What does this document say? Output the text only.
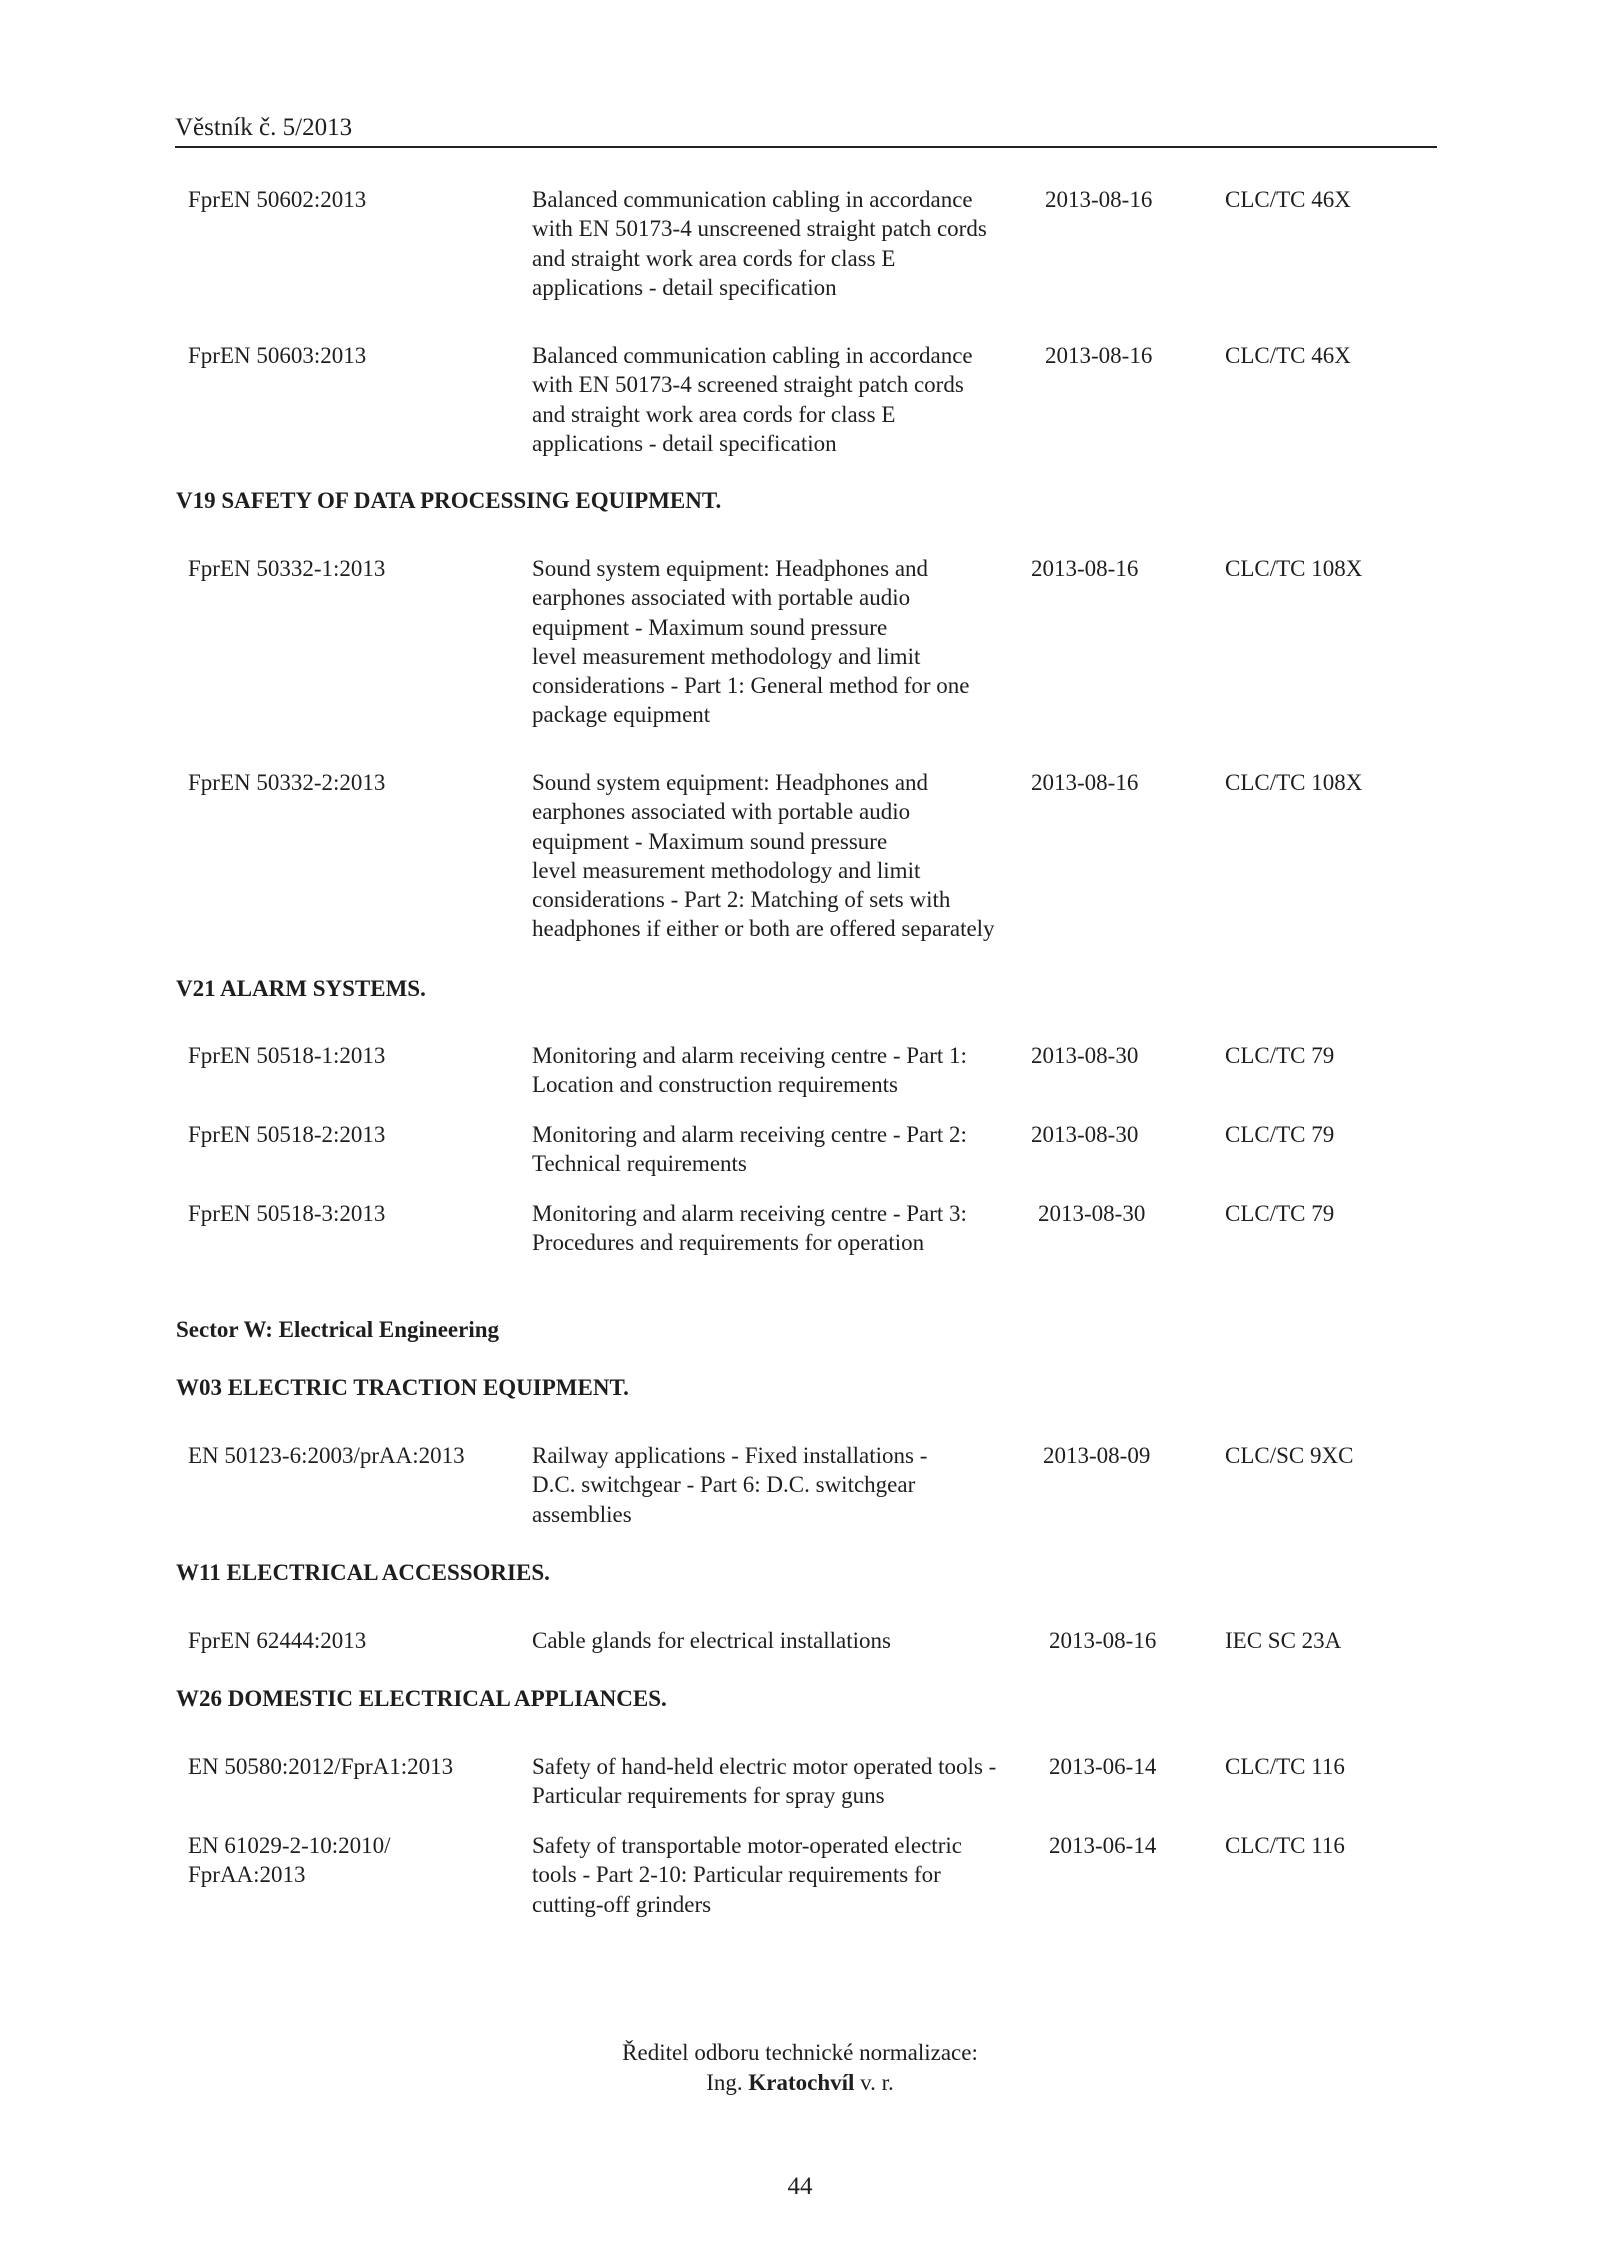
Věstník č. 5/2013
FprEN 50602:2013	Balanced communication cabling in accordance
with EN 50173-4 unscreened straight patch cords
and straight work area cords for class E
applications - detail specification
2013-08-16	CLC/TC 46X
FprEN 50603:2013	Balanced communication cabling in accordance
with EN 50173-4 screened straight patch cords
and straight work area cords for class E
applications - detail specification
2013-08-16	CLC/TC 46X
V19 SAFETY OF DATA PROCESSING EQUIPMENT.
FprEN 50332-1:2013	Sound system equipment: Headphones and
earphones associated with portable audio
equipment - Maximum sound pressure
level measurement methodology and limit
considerations - Part 1: General method for one
package equipment
2013-08-16	CLC/TC 108X
FprEN 50332-2:2013	Sound system equipment: Headphones and
earphones associated with portable audio
equipment - Maximum sound pressure
level measurement methodology and limit
considerations - Part 2: Matching of sets with
headphones if either or both are offered separately
2013-08-16	CLC/TC 108X
V21 ALARM SYSTEMS.
FprEN 50518-1:2013	Monitoring and alarm receiving centre - Part 1:
Location and construction requirements
2013-08-30	CLC/TC 79
FprEN 50518-2:2013	Monitoring and alarm receiving centre - Part 2:
Technical requirements
2013-08-30	CLC/TC 79
FprEN 50518-3:2013	Monitoring and alarm receiving centre - Part 3:
Procedures and requirements for operation
2013-08-30	CLC/TC 79
Sector W: Electrical Engineering
W03 ELECTRIC TRACTION EQUIPMENT.
EN 50123-6:2003/prAA:2013	Railway applications - Fixed installations -
D.C. switchgear - Part 6: D.C. switchgear
assemblies
2013-08-09	CLC/SC 9XC
W11 ELECTRICAL ACCESSORIES.
FprEN 62444:2013	Cable glands for electrical installations	2013-08-16	IEC SC 23A
W26 DOMESTIC ELECTRICAL APPLIANCES.
EN 50580:2012/FprA1:2013	Safety of hand-held electric motor operated tools -
Particular requirements for spray guns
2013-06-14	CLC/TC 116
EN 61029-2-10:2010/
FprAA:2013
Safety of transportable motor-operated electric
tools - Part 2-10: Particular requirements for
cutting-off grinders
2013-06-14	CLC/TC 116
Ředitel odboru technické normalizace:
Ing. Kratochvíl v. r.
44
